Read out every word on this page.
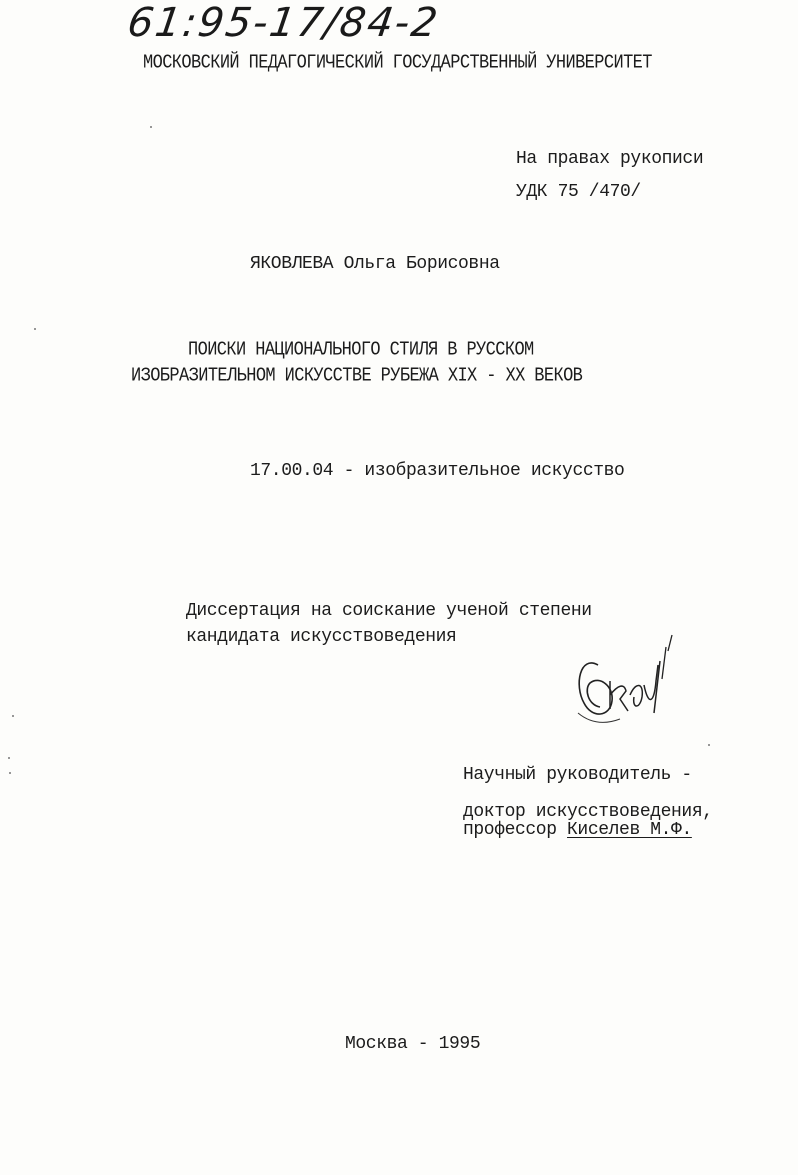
61:95-17/84-2
МОСКОВСКИЙ ПЕДАГОГИЧЕСКИЙ ГОСУДАРСТВЕННЫЙ УНИВЕРСИТЕТ
На правах рукописи
УДК 75 /470/
ЯКОВЛЕВА Ольга Борисовна
ПОИСКИ НАЦИОНАЛЬНОГО СТИЛЯ В РУССКОМ
ИЗОБРАЗИТЕЛЬНОМ ИСКУССТВЕ РУБЕЖА XIX - XX ВЕКОВ
17.00.04 - изобразительное искусство
Диссертация на соискание ученой степени
кандидата искусствоведения
Научный руководитель -
доктор искусствоведения,
профессор Киселев М.Ф.
Москва - 1995
